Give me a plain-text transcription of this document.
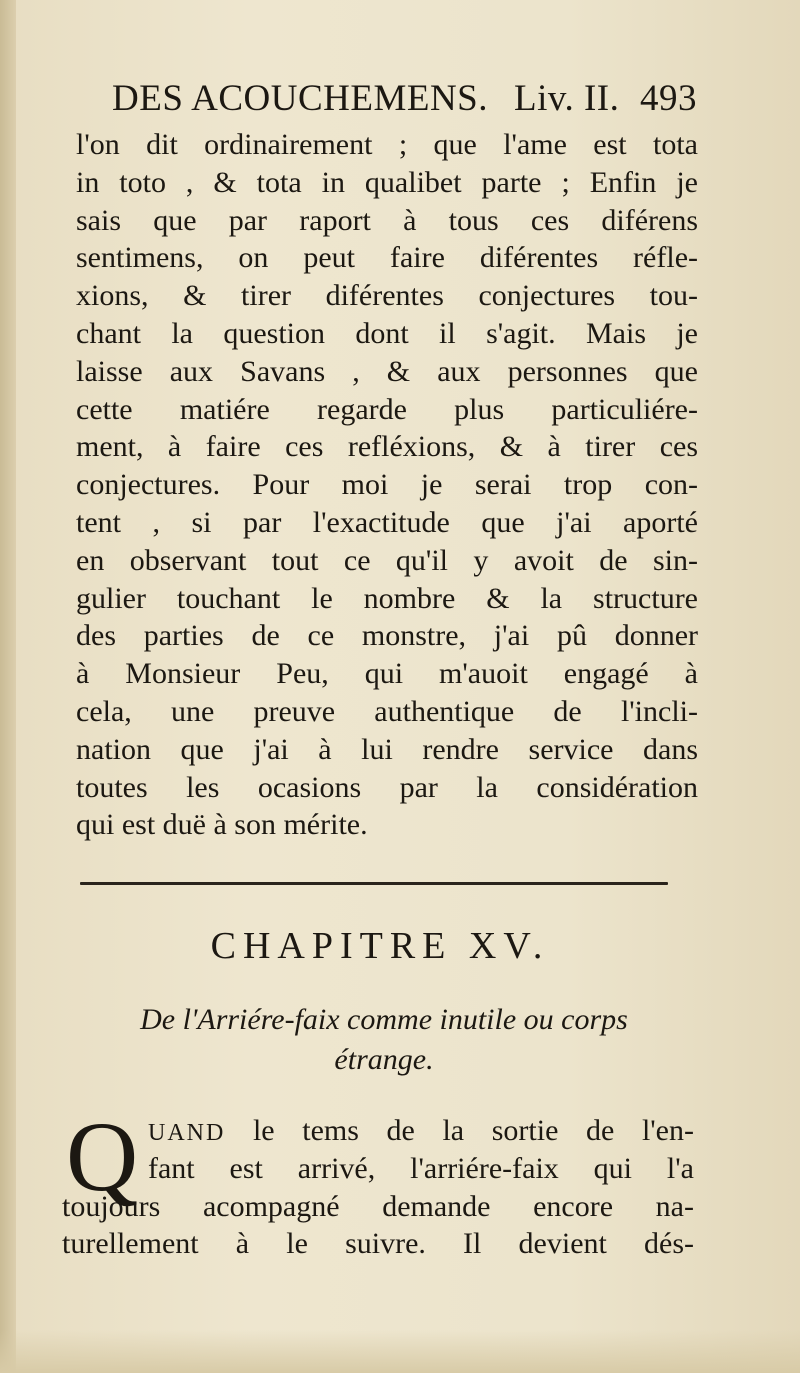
DES ACOUCHEMENS. Liv. II. 493
l'on dit ordinairement ; que l'ame est tota
in toto , & tota in qualibet parte ; Enfin je
sais que par raport à tous ces diférens
sentimens, on peut faire diférentes réfle-
xions, & tirer diférentes conjectures tou-
chant la question dont il s'agit. Mais je
laisse aux Savans , & aux personnes que
cette matiére regarde plus particuliére-
ment, à faire ces refléxions, & à tirer ces
conjectures. Pour moi je serai trop con-
tent , si par l'exactitude que j'ai aporté
en observant tout ce qu'il y avoit de sin-
gulier touchant le nombre & la structure
des parties de ce monstre, j'ai pû donner
à Monsieur Peu, qui m'auoit engagé à
cela, une preuve authentique de l'incli-
nation que j'ai à lui rendre service dans
toutes les ocasions par la considération
qui est duë à son mérite.
CHAPITRE XV.
De l'Arriére-faix comme inutile ou corps
étrange.
Q UAND le tems de la sortie de l'en-
fant est arrivé, l'arriére-faix qui l'a
toujours acompagné demande encore na-
turellement à le suivre. Il devient dés-
